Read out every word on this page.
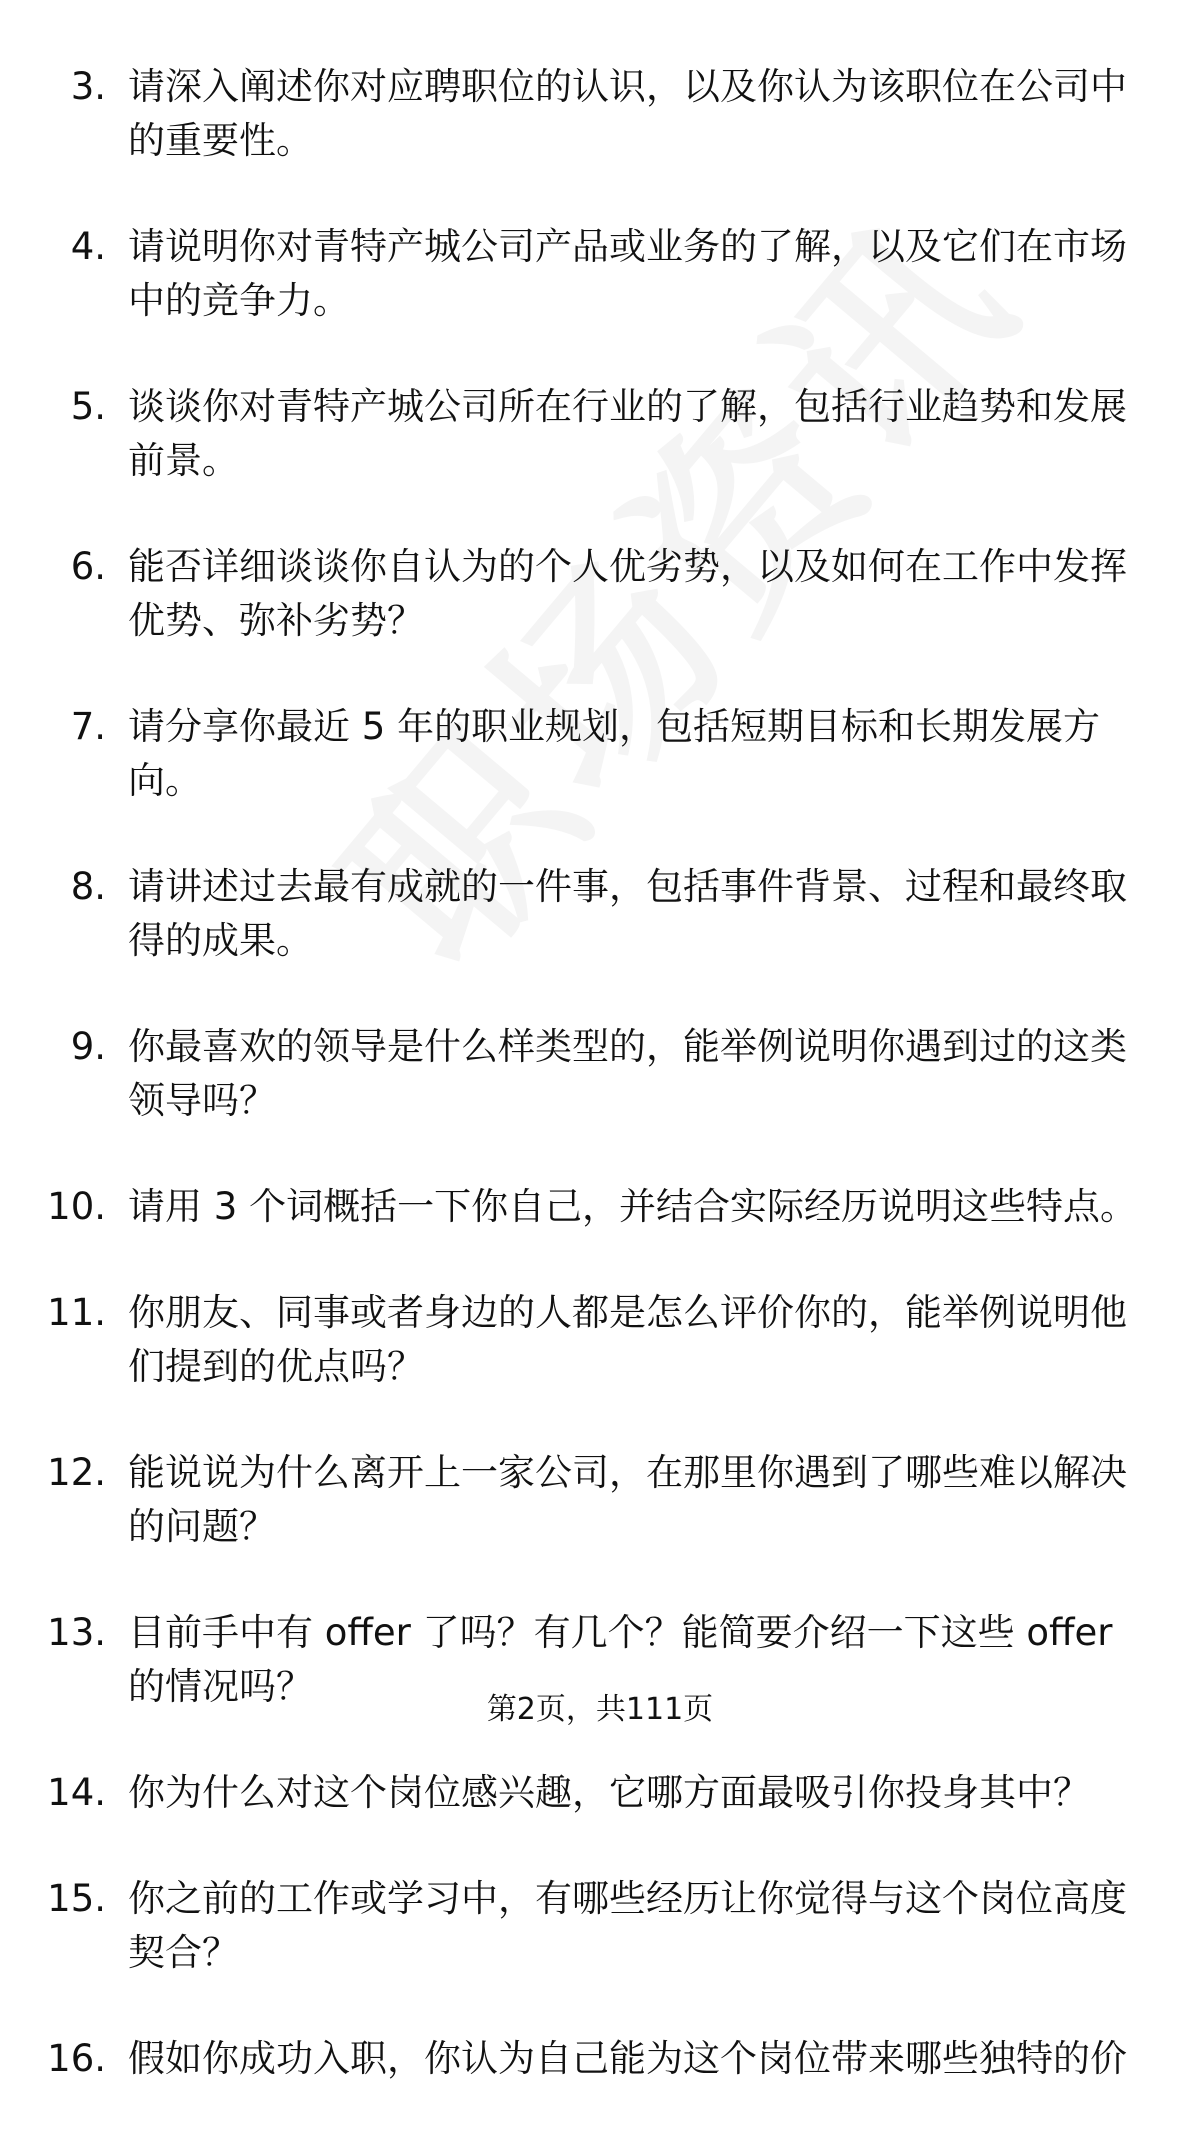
3. 请深入阐述你对应聘职位的认识，以及你认为该职位在公司中的重要性。
4. 请说明你对青特产城公司产品或业务的了解，以及它们在市场中的竞争力。
5. 谈谈你对青特产城公司所在行业的了解，包括行业趋势和发展前景。
6. 能否详细谈谈你自认为的个人优劣势，以及如何在工作中发挥优势、弥补劣势？
7. 请分享你最近 5 年的职业规划，包括短期目标和长期发展方向。
8. 请讲述过去最有成就的一件事，包括事件背景、过程和最终取得的成果。
9. 你最喜欢的领导是什么样类型的，能举例说明你遇到过的这类领导吗？
10. 请用 3 个词概括一下你自己，并结合实际经历说明这些特点。
11. 你朋友、同事或者身边的人都是怎么评价你的，能举例说明他们提到的优点吗？
12. 能说说为什么离开上一家公司，在那里你遇到了哪些难以解决的问题？
13. 目前手中有 offer 了吗？有几个？能简要介绍一下这些 offer 的情况吗？
14. 你为什么对这个岗位感兴趣，它哪方面最吸引你投身其中？
15. 你之前的工作或学习中，有哪些经历让你觉得与这个岗位高度契合？
16. 假如你成功入职，你认为自己能为这个岗位带来哪些独特的价
第2页，共111页
